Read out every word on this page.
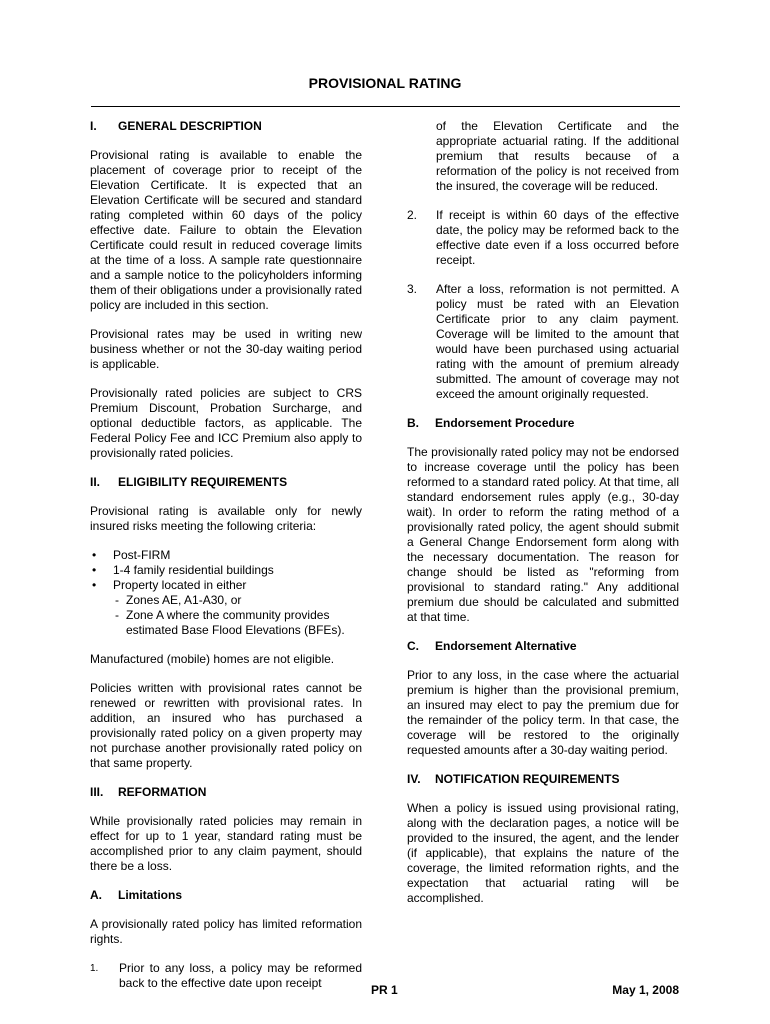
PROVISIONAL RATING
I. GENERAL DESCRIPTION
Provisional rating is available to enable the placement of coverage prior to receipt of the Elevation Certificate. It is expected that an Elevation Certificate will be secured and standard rating completed within 60 days of the policy effective date. Failure to obtain the Elevation Certificate could result in reduced coverage limits at the time of a loss. A sample rate questionnaire and a sample notice to the policyholders informing them of their obligations under a provisionally rated policy are included in this section.
Provisional rates may be used in writing new business whether or not the 30-day waiting period is applicable.
Provisionally rated policies are subject to CRS Premium Discount, Probation Surcharge, and optional deductible factors, as applicable. The Federal Policy Fee and ICC Premium also apply to provisionally rated policies.
II. ELIGIBILITY REQUIREMENTS
Provisional rating is available only for newly insured risks meeting the following criteria:
• Post-FIRM
• 1-4 family residential buildings
• Property located in either
- Zones AE, A1-A30, or
- Zone A where the community provides estimated Base Flood Elevations (BFEs).
Manufactured (mobile) homes are not eligible.
Policies written with provisional rates cannot be renewed or rewritten with provisional rates. In addition, an insured who has purchased a provisionally rated policy on a given property may not purchase another provisionally rated policy on that same property.
III. REFORMATION
While provisionally rated policies may remain in effect for up to 1 year, standard rating must be accomplished prior to any claim payment, should there be a loss.
A. Limitations
A provisionally rated policy has limited reformation rights.
1. Prior to any loss, a policy may be reformed back to the effective date upon receipt
of the Elevation Certificate and the appropriate actuarial rating. If the additional premium that results because of a reformation of the policy is not received from the insured, the coverage will be reduced.
2. If receipt is within 60 days of the effective date, the policy may be reformed back to the effective date even if a loss occurred before receipt.
3. After a loss, reformation is not permitted. A policy must be rated with an Elevation Certificate prior to any claim payment. Coverage will be limited to the amount that would have been purchased using actuarial rating with the amount of premium already submitted. The amount of coverage may not exceed the amount originally requested.
B. Endorsement Procedure
The provisionally rated policy may not be endorsed to increase coverage until the policy has been reformed to a standard rated policy. At that time, all standard endorsement rules apply (e.g., 30-day wait). In order to reform the rating method of a provisionally rated policy, the agent should submit a General Change Endorsement form along with the necessary documentation. The reason for change should be listed as "reforming from provisional to standard rating." Any additional premium due should be calculated and submitted at that time.
C. Endorsement Alternative
Prior to any loss, in the case where the actuarial premium is higher than the provisional premium, an insured may elect to pay the premium due for the remainder of the policy term. In that case, the coverage will be restored to the originally requested amounts after a 30-day waiting period.
IV. NOTIFICATION REQUIREMENTS
When a policy is issued using provisional rating, along with the declaration pages, a notice will be provided to the insured, the agent, and the lender (if applicable), that explains the nature of the coverage, the limited reformation rights, and the expectation that actuarial rating will be accomplished.
PR 1	May 1, 2008
